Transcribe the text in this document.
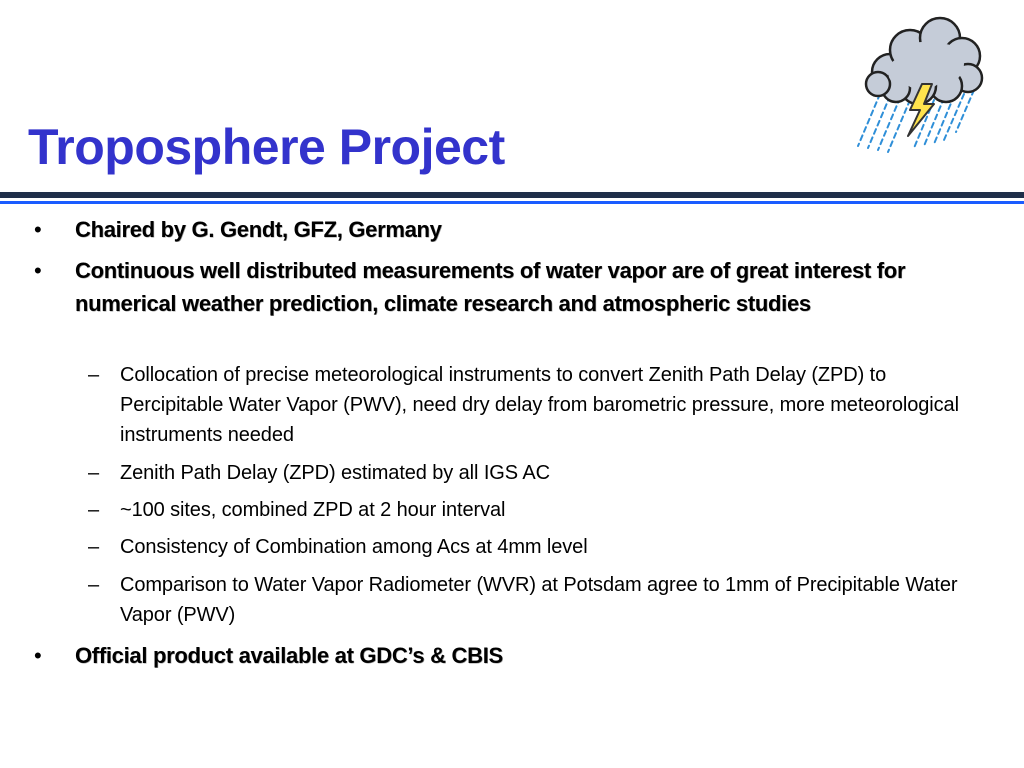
Troposphere Project
• Chaired by G. Gendt, GFZ, Germany

• Continuous well distributed measurements of water vapor are of great interest for numerical weather prediction, climate research and atmospheric studies

– Collocation of precise meteorological instruments to convert Zenith Path Delay (ZPD) to Percipitable Water Vapor (PWV), need dry delay from barometric pressure, more meteorological instruments needed

– Zenith Path Delay (ZPD) estimated by all IGS AC

– ~100 sites, combined ZPD at 2 hour interval

– Consistency of Combination among Acs at 4mm level

– Comparison to Water Vapor Radiometer (WVR) at Potsdam agree to 1mm of Precipitable Water Vapor (PWV)

• Official product available at GDC’s & CBIS
